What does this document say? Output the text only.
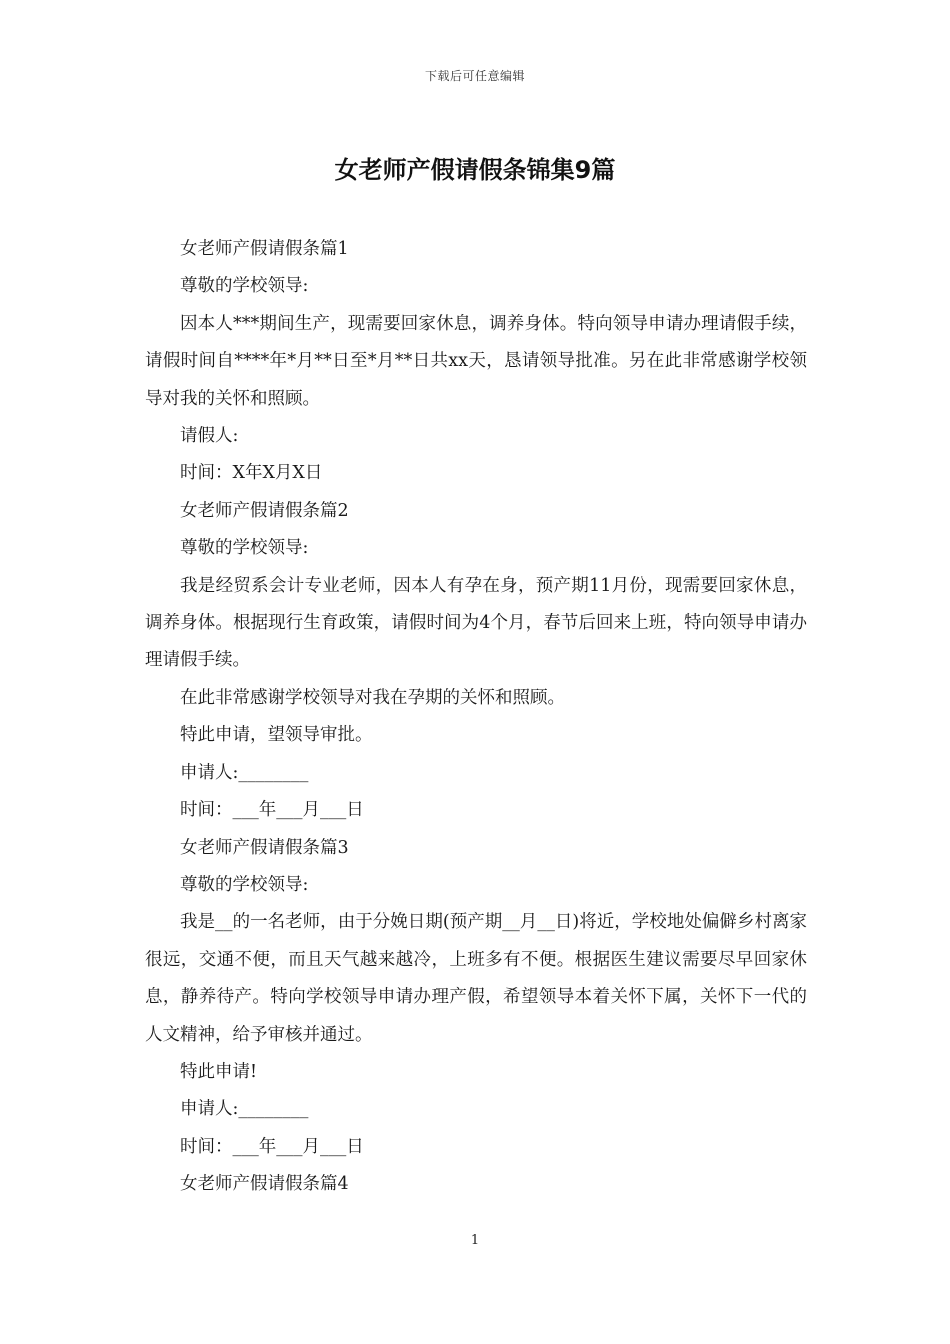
下载后可任意编辑
女老师产假请假条锦集9篇

女老师产假请假条篇1

尊敬的学校领导:

因本人***期间生产，现需要回家休息，调养身体。特向领导申请办理请假手续，请假时间自****年*月**日至*月**日共xx天，恳请领导批准。另在此非常感谢学校领导对我的关怀和照顾。

请假人:

时间：X年X月X日

女老师产假请假条篇2

尊敬的学校领导:

我是经贸系会计专业老师，因本人有孕在身，预产期11月份，现需要回家休息，调养身体。根据现行生育政策，请假时间为4个月，春节后回来上班，特向领导申请办理请假手续。

在此非常感谢学校领导对我在孕期的关怀和照顾。

特此申请，望领导审批。

申请人:________

时间：___年___月___日

女老师产假请假条篇3

尊敬的学校领导:

我是__的一名老师，由于分娩日期(预产期__月__日)将近，学校地处偏僻乡村离家很远，交通不便，而且天气越来越冷，上班多有不便。根据医生建议需要尽早回家休息，静养待产。特向学校领导申请办理产假，希望领导本着关怀下属，关怀下一代的人文精神，给予审核并通过。

特此申请!

申请人:________

时间：___年___月___日

女老师产假请假条篇4

1
